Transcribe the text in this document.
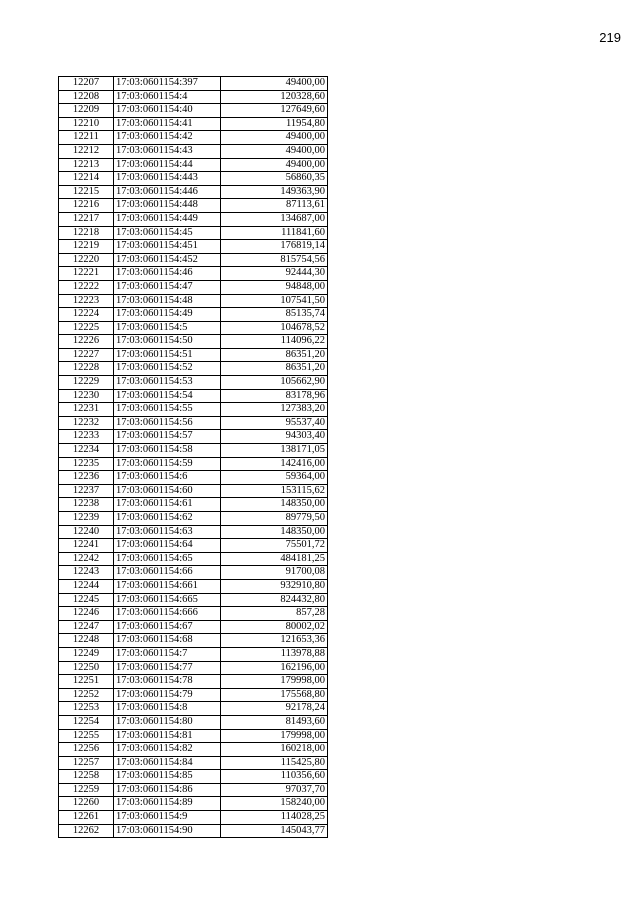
219
12207	17:03:0601154:397	49400,00
12208	17:03:0601154:4	120328,60
12209	17:03:0601154:40	127649,60
12210	17:03:0601154:41	11954,80
12211	17:03:0601154:42	49400,00
12212	17:03:0601154:43	49400,00
12213	17:03:0601154:44	49400,00
12214	17:03:0601154:443	56860,35
12215	17:03:0601154:446	149363,90
12216	17:03:0601154:448	87113,61
12217	17:03:0601154:449	134687,00
12218	17:03:0601154:45	111841,60
12219	17:03:0601154:451	176819,14
12220	17:03:0601154:452	815754,56
12221	17:03:0601154:46	92444,30
12222	17:03:0601154:47	94848,00
12223	17:03:0601154:48	107541,50
12224	17:03:0601154:49	85135,74
12225	17:03:0601154:5	104678,52
12226	17:03:0601154:50	114096,22
12227	17:03:0601154:51	86351,20
12228	17:03:0601154:52	86351,20
12229	17:03:0601154:53	105662,90
12230	17:03:0601154:54	83178,96
12231	17:03:0601154:55	127383,20
12232	17:03:0601154:56	95537,40
12233	17:03:0601154:57	94303,40
12234	17:03:0601154:58	138171,05
12235	17:03:0601154:59	142416,00
12236	17:03:0601154:6	59364,00
12237	17:03:0601154:60	153115,62
12238	17:03:0601154:61	148350,00
12239	17:03:0601154:62	89779,50
12240	17:03:0601154:63	148350,00
12241	17:03:0601154:64	75501,72
12242	17:03:0601154:65	484181,25
12243	17:03:0601154:66	91700,08
12244	17:03:0601154:661	932910,80
12245	17:03:0601154:665	824432,80
12246	17:03:0601154:666	857,28
12247	17:03:0601154:67	80002,02
12248	17:03:0601154:68	121653,36
12249	17:03:0601154:7	113978,88
12250	17:03:0601154:77	162196,00
12251	17:03:0601154:78	179998,00
12252	17:03:0601154:79	175568,80
12253	17:03:0601154:8	92178,24
12254	17:03:0601154:80	81493,60
12255	17:03:0601154:81	179998,00
12256	17:03:0601154:82	160218,00
12257	17:03:0601154:84	115425,80
12258	17:03:0601154:85	110356,60
12259	17:03:0601154:86	97037,70
12260	17:03:0601154:89	158240,00
12261	17:03:0601154:9	114028,25
12262	17:03:0601154:90	145043,77
